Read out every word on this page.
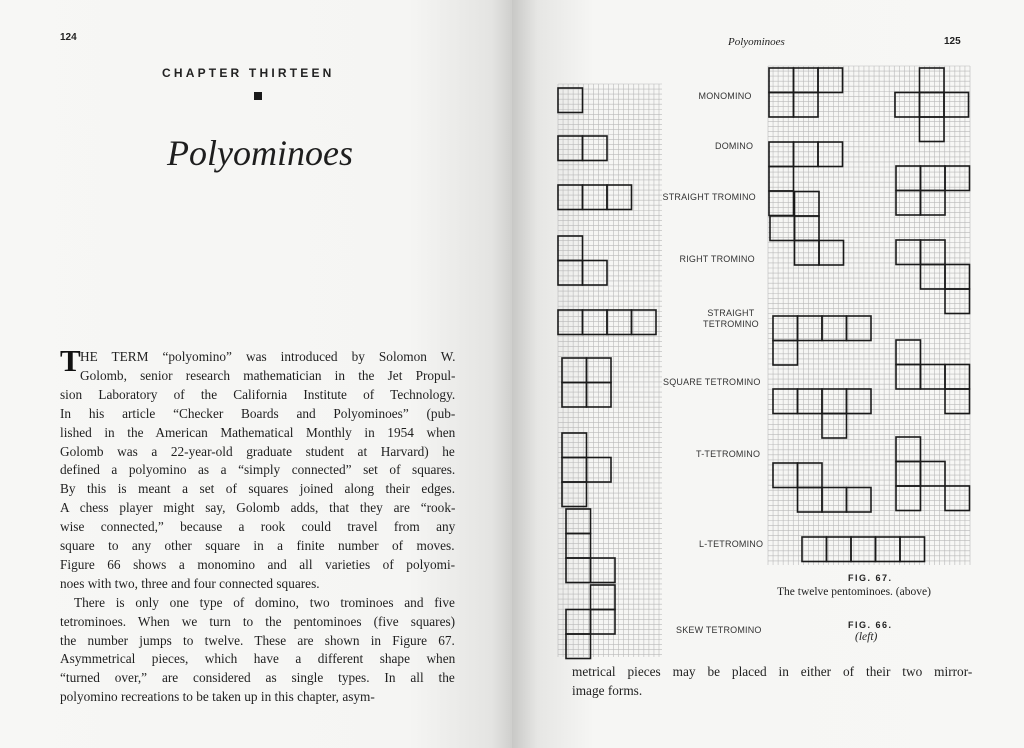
124
CHAPTER THIRTEEN
Polyominoes
T HE TERM “polyomino” was introduced by Solomon W.
Golomb, senior research mathematician in the Jet Propul-
sion Laboratory of the California Institute of Technology.
In his article “Checker Boards and Polyominoes” (pub-
lished in the American Mathematical Monthly in 1954 when
Golomb was a 22-year-old graduate student at Harvard) he
defined a polyomino as a “simply connected” set of squares.
By this is meant a set of squares joined along their edges.
A chess player might say, Golomb adds, that they are “rook-
wise connected,” because a rook could travel from any
square to any other square in a finite number of moves.
Figure 66 shows a monomino and all varieties of polyomi-
noes with two, three and four connected squares.
There is only one type of domino, two trominoes and five
tetrominoes. When we turn to the pentominoes (five squares)
the number jumps to twelve. These are shown in Figure 67.
Asymmetrical pieces, which have a different shape when
“turned over,” are considered as single types. In all the
polyomino recreations to be taken up in this chapter, asym-
Polyominoes	125
MONOMINO
DOMINO
STRAIGHT TROMINO
RIGHT TROMINO
STRAIGHT
TETROMINO
SQUARE TETROMINO
T-TETROMINO
L-TETROMINO
SKEW TETROMINO
FIG. 67.
The twelve pentominoes. (above)
FIG. 66.
(left)
metrical pieces may be placed in either of their two mirror-
image forms.
